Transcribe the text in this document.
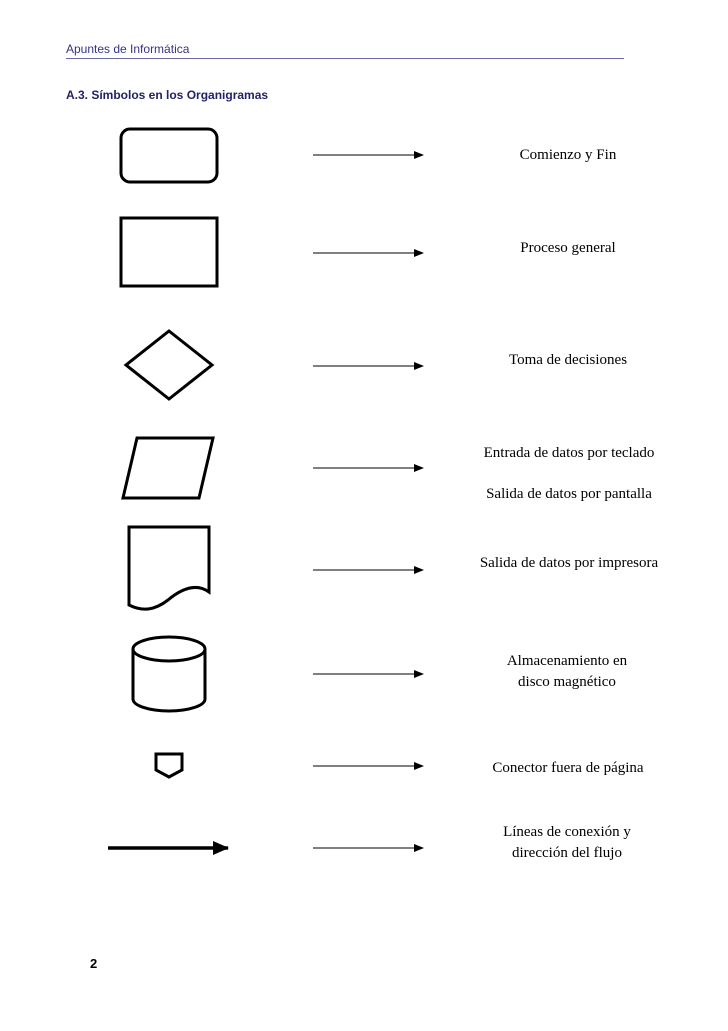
Apuntes de Informática
A.3. Símbolos en los Organigramas
Comienzo y Fin
Proceso general
Toma de decisiones
Entrada de datos por teclado
Salida de datos por pantalla
Salida de datos por impresora
Almacenamiento en
disco magnético
Conector fuera de página
Líneas de conexión y
dirección del flujo
2
